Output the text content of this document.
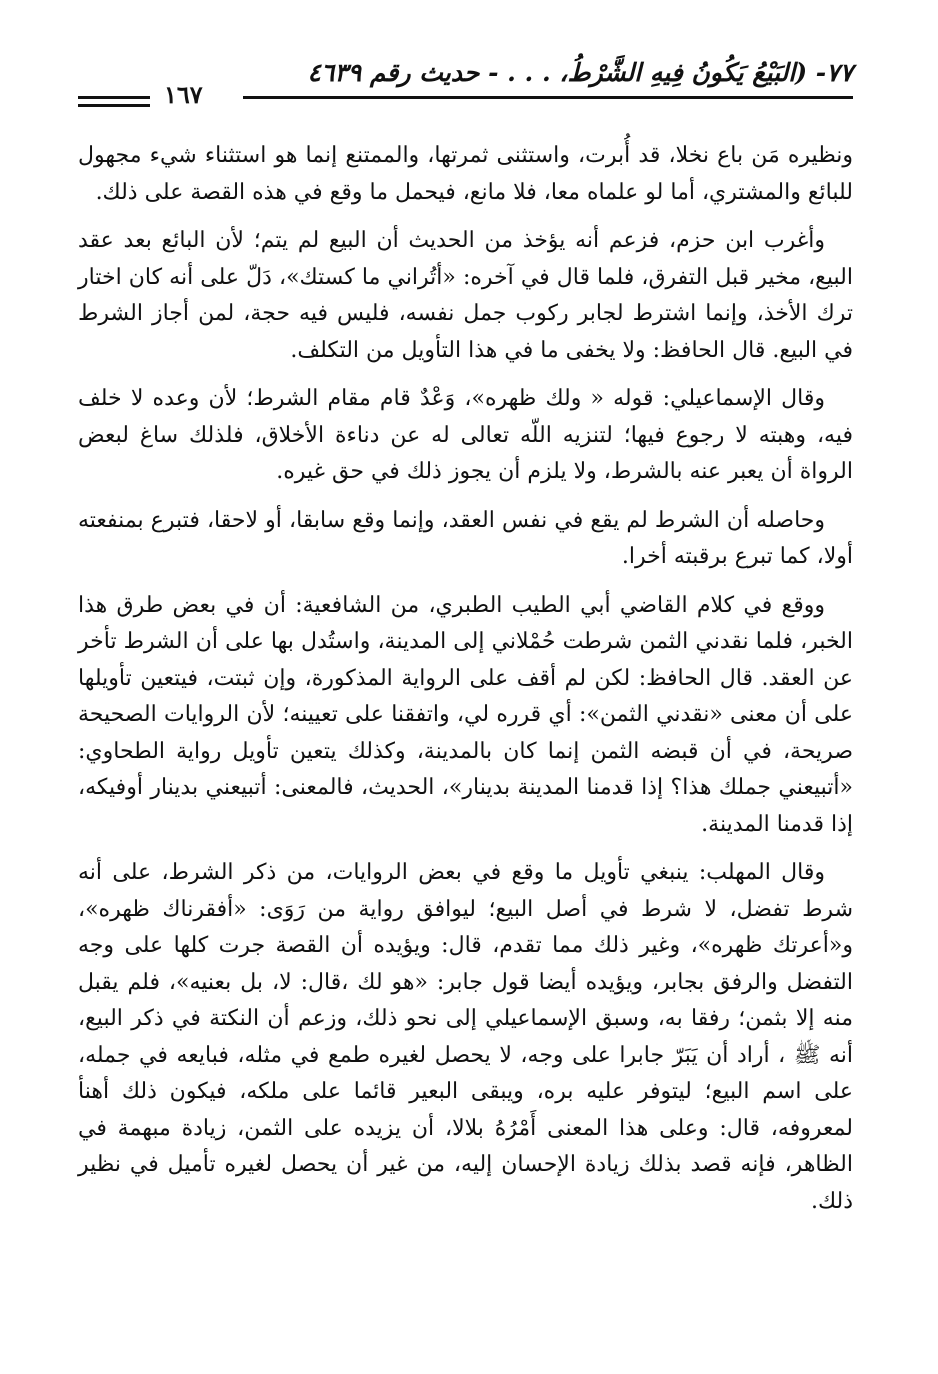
٧٧- (البَيْعُ يَكُونُ فِيهِ الشَّرْطُ، . . . - حديث رقم ٤٦٣٩
١٦٧

ونظيره مَن باع نخلا، قد أُبرت، واستثنى ثمرتها، والممتنع إنما هو استثناء شيء مجهول للبائع والمشتري، أما لو علماه معا، فلا مانع، فيحمل ما وقع في هذه القصة على ذلك.

وأغرب ابن حزم، فزعم أنه يؤخذ من الحديث أن البيع لم يتم؛ لأن البائع بعد عقد البيع، مخير قبل التفرق، فلما قال في آخره: «أتُراني ما كستك»، دَلّ على أنه كان اختار ترك الأخذ، وإنما اشترط لجابر ركوب جمل نفسه، فليس فيه حجة، لمن أجاز الشرط في البيع. قال الحافظ: ولا يخفى ما في هذا التأويل من التكلف.

وقال الإسماعيلي: قوله « ولك ظهره»، وَعْدٌ قام مقام الشرط؛ لأن وعده لا خلف فيه، وهبته لا رجوع فيها؛ لتنزيه اللّه تعالى له عن دناءة الأخلاق، فلذلك ساغ لبعض الرواة أن يعبر عنه بالشرط، ولا يلزم أن يجوز ذلك في حق غيره.

وحاصله أن الشرط لم يقع في نفس العقد، وإنما وقع سابقا، أو لاحقا، فتبرع بمنفعته أولا، كما تبرع برقبته أخرا.

ووقع في كلام القاضي أبي الطيب الطبري، من الشافعية: أن في بعض طرق هذا الخبر، فلما نقدني الثمن شرطت حُمْلاني إلى المدينة، واستُدل بها على أن الشرط تأخر عن العقد. قال الحافظ: لكن لم أقف على الرواية المذكورة، وإن ثبتت، فيتعين تأويلها على أن معنى «نقدني الثمن»: أي قرره لي، واتفقنا على تعيينه؛ لأن الروايات الصحيحة صريحة، في أن قبضه الثمن إنما كان بالمدينة، وكذلك يتعين تأويل رواية الطحاوي: «أتبيعني جملك هذا؟ إذا قدمنا المدينة بدينار»، الحديث، فالمعنى: أتبيعني بدينار أوفيكه، إذا قدمنا المدينة.

وقال المهلب: ينبغي تأويل ما وقع في بعض الروايات، من ذكر الشرط، على أنه شرط تفضل، لا شرط في أصل البيع؛ ليوافق رواية من رَوَى: «أفقرناك ظهره»، و«أعرتك ظهره»، وغير ذلك مما تقدم، قال: ويؤيده أن القصة جرت كلها على وجه التفضل والرفق بجابر، ويؤيده أيضا قول جابر: «هو لك ،قال: لا، بل بعنيه»، فلم يقبل منه إلا بثمن؛ رفقا به، وسبق الإسماعيلي إلى نحو ذلك، وزعم أن النكتة في ذكر البيع، أنه ﷺ ، أراد أن يَبَرّ جابرا على وجه، لا يحصل لغيره طمع في مثله، فبايعه في جمله، على اسم البيع؛ ليتوفر عليه بره، ويبقى البعير قائما على ملكه، فيكون ذلك أهنأ لمعروفه، قال: وعلى هذا المعنى أَمْرُهُ بلالا، أن يزيده على الثمن، زيادة مبهمة في الظاهر، فإنه قصد بذلك زيادة الإحسان إليه، من غير أن يحصل لغيره تأميل في نظير ذلك.
